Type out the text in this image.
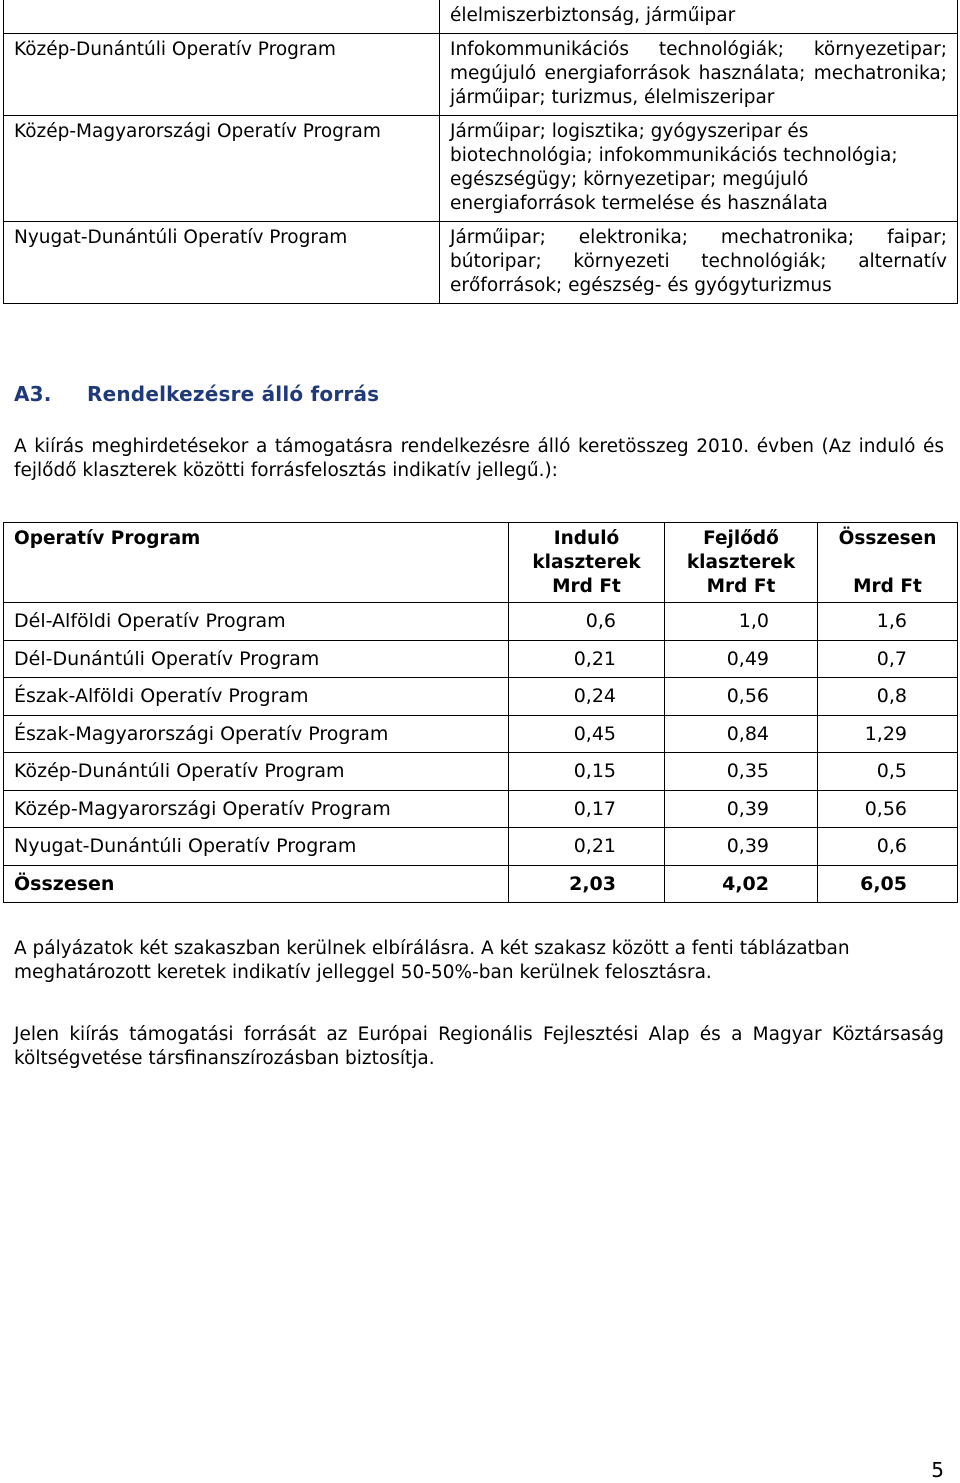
	élelmiszerbiztonság, járműipar
Közép-Dunántúli Operatív Program	Infokommunikációs technológiák; környezetipar; megújuló energiaforrások használata; mechatronika; járműipar; turizmus, élelmiszeripar
Közép-Magyarországi Operatív Program	Járműipar; logisztika; gyógyszeripar és biotechnológia; infokommunikációs technológia; egészségügy; környezetipar; megújuló energiaforrások termelése és használata
Nyugat-Dunántúli Operatív Program	Járműipar; elektronika; mechatronika; faipar; bútoripar; környezeti technológiák; alternatív erőforrások; egészség- és gyógyturizmus
A3. Rendelkezésre álló forrás
A kiírás meghirdetésekor a támogatásra rendelkezésre álló keretösszeg 2010. évben (Az induló és fejlődő klaszterek közötti forrásfelosztás indikatív jellegű.):
Operatív Program	Induló klaszterek Mrd Ft	Fejlődő klaszterek Mrd Ft	Összesen
Mrd Ft

Dél-Alföldi Operatív Program	0,6	1,0	1,6
Dél-Dunántúli Operatív Program	0,21	0,49	0,7
Észak-Alföldi Operatív Program	0,24	0,56	0,8
Észak-Magyarországi Operatív Program	0,45	0,84	1,29
Közép-Dunántúli Operatív Program	0,15	0,35	0,5
Közép-Magyarországi Operatív Program	0,17	0,39	0,56
Nyugat-Dunántúli Operatív Program	0,21	0,39	0,6
Összesen	2,03	4,02	6,05
A pályázatok két szakaszban kerülnek elbírálásra. A két szakasz között a fenti táblázatban meghatározott keretek indikatív jelleggel 50-50%-ban kerülnek felosztásra.
Jelen kiírás támogatási forrását az Európai Regionális Fejlesztési Alap és a Magyar Köztársaság költségvetése társfinanszírozásban biztosítja.
5
